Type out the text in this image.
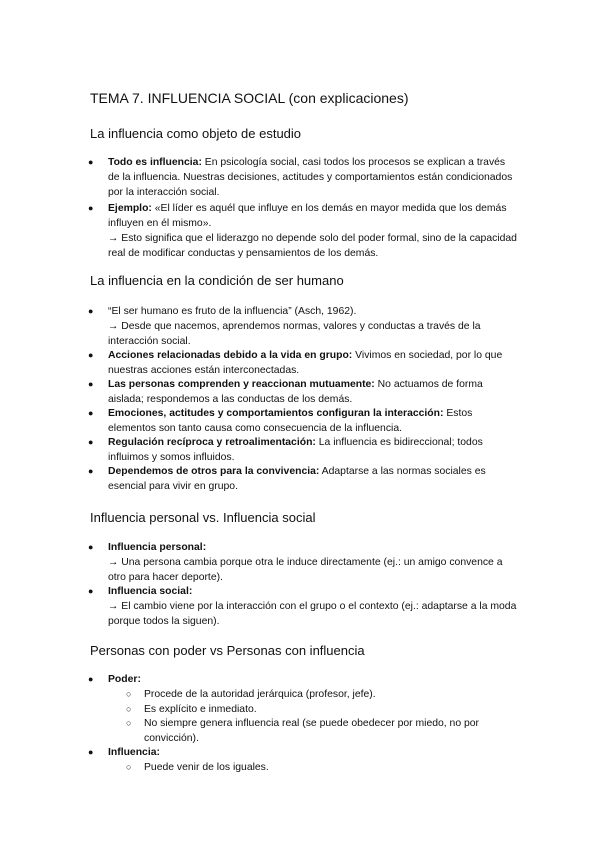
TEMA 7. INFLUENCIA SOCIAL (con explicaciones)
La influencia como objeto de estudio
● Todo es influencia: En psicología social, casi todos los procesos se explican a través de la influencia. Nuestras decisiones, actitudes y comportamientos están condicionados por la interacción social.
● Ejemplo: «El líder es aquél que influye en los demás en mayor medida que los demás influyen en él mismo».
→ Esto significa que el liderazgo no depende solo del poder formal, sino de la capacidad real de modificar conductas y pensamientos de los demás.
La influencia en la condición de ser humano
● “El ser humano es fruto de la influencia” (Asch, 1962).
→ Desde que nacemos, aprendemos normas, valores y conductas a través de la interacción social.
● Acciones relacionadas debido a la vida en grupo: Vivimos en sociedad, por lo que nuestras acciones están interconectadas.
● Las personas comprenden y reaccionan mutuamente: No actuamos de forma aislada; respondemos a las conductas de los demás.
● Emociones, actitudes y comportamientos configuran la interacción: Estos elementos son tanto causa como consecuencia de la influencia.
● Regulación recíproca y retroalimentación: La influencia es bidireccional; todos influimos y somos influidos.
● Dependemos de otros para la convivencia: Adaptarse a las normas sociales es esencial para vivir en grupo.
Influencia personal vs. Influencia social
● Influencia personal:
→ Una persona cambia porque otra le induce directamente (ej.: un amigo convence a otro para hacer deporte).
● Influencia social:
→ El cambio viene por la interacción con el grupo o el contexto (ej.: adaptarse a la moda porque todos la siguen).
Personas con poder vs Personas con influencia
● Poder:
○ Procede de la autoridad jerárquica (profesor, jefe).
○ Es explícito e inmediato.
○ No siempre genera influencia real (se puede obedecer por miedo, no por convicción).
● Influencia:
○ Puede venir de los iguales.
